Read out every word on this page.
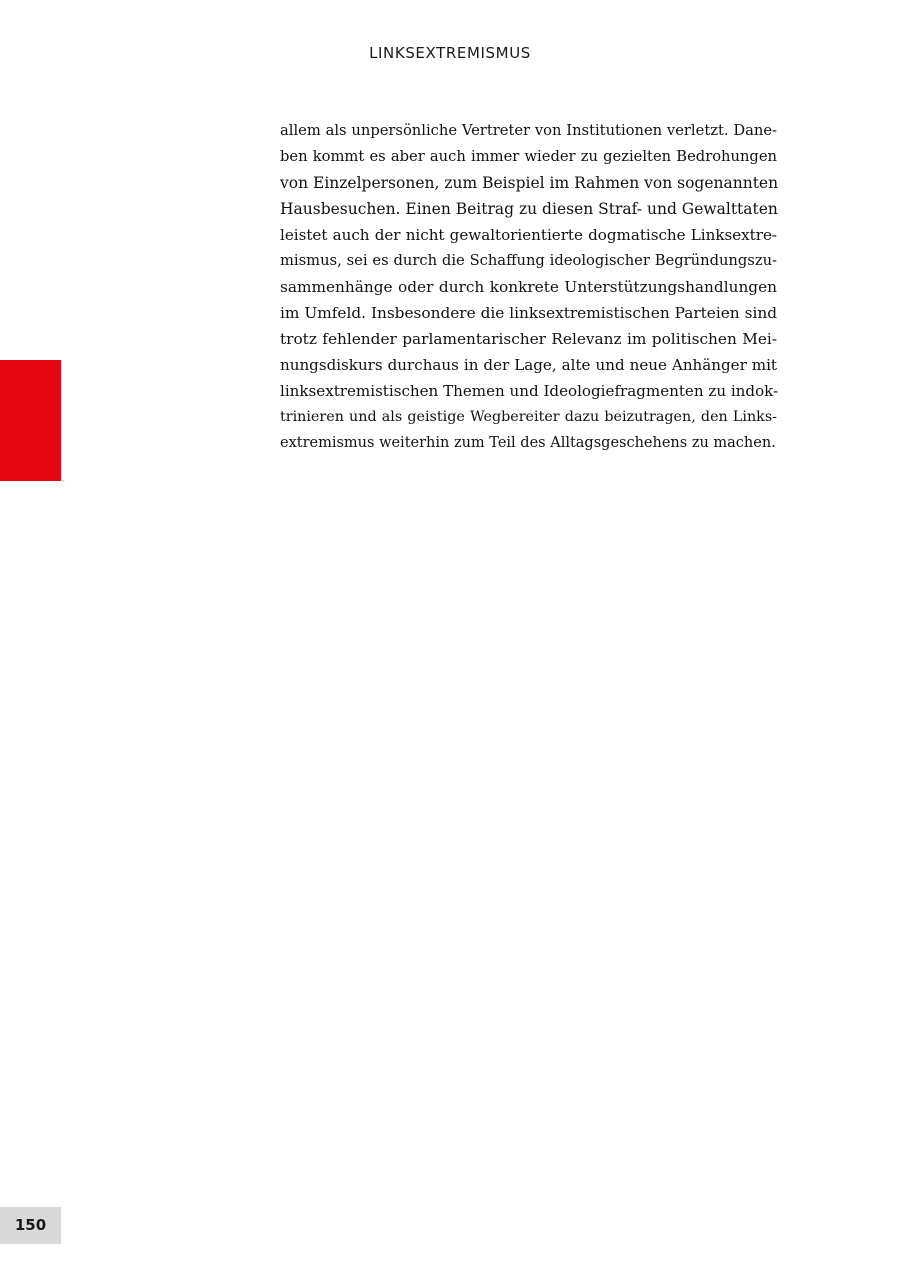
LINKSEXTREMISMUS

allem als unpersönliche Vertreter von Institutionen verletzt. Dane-
ben kommt es aber auch immer wieder zu gezielten Bedrohungen
von Einzelpersonen, zum Beispiel im Rahmen von sogenannten
Hausbesuchen. Einen Beitrag zu diesen Straf- und Gewalttaten
leistet auch der nicht gewaltorientierte dogmatische Linksextre-
mismus, sei es durch die Schaffung ideologischer Begründungszu-
sammenhänge oder durch konkrete Unterstützungshandlungen
im Umfeld. Insbesondere die linksextremistischen Parteien sind
trotz fehlender parlamentarischer Relevanz im politischen Mei-
nungsdiskurs durchaus in der Lage, alte und neue Anhänger mit
linksextremistischen Themen und Ideologiefragmenten zu indok-
trinieren und als geistige Wegbereiter dazu beizutragen, den Links-
extremismus weiterhin zum Teil des Alltagsgeschehens zu machen.

150
